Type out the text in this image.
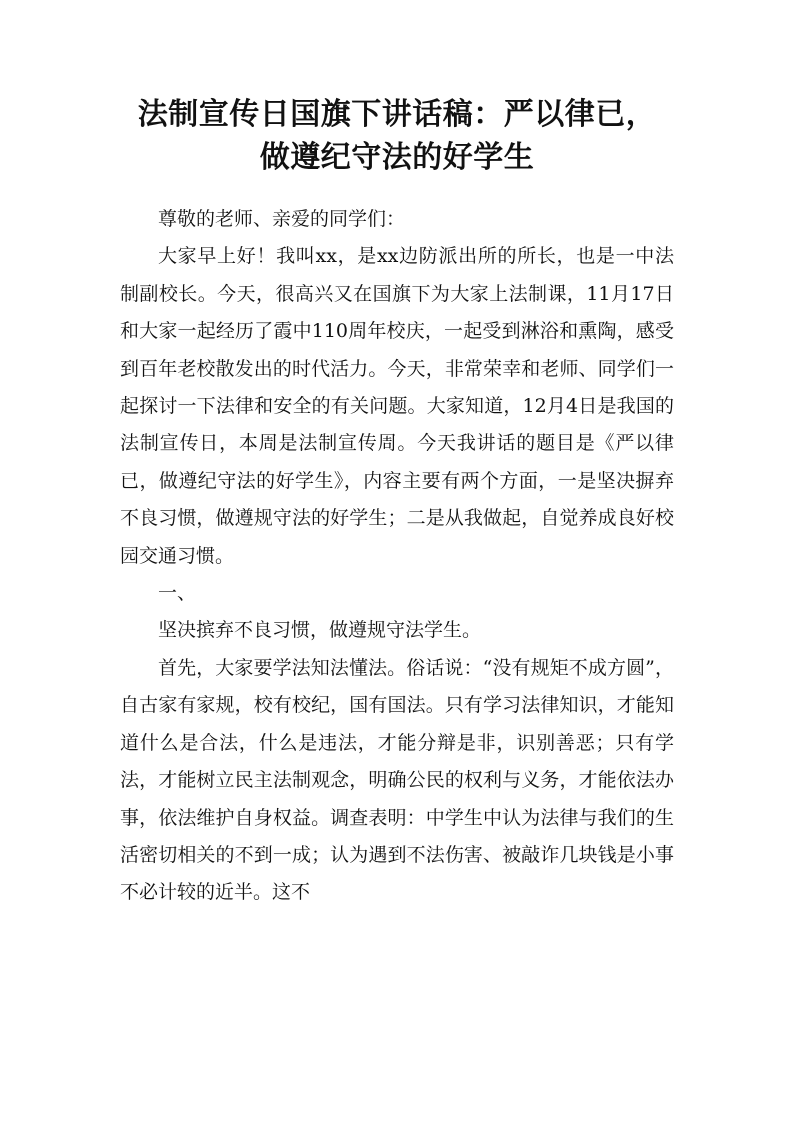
法制宣传日国旗下讲话稿：严以律已，
做遵纪守法的好学生

尊敬的老师、亲爱的同学们：

大家早上好！我叫xx，是xx边防派出所的所长，也是一中法制副校长。今天，很高兴又在国旗下为大家上法制课，11月17日和大家一起经历了霞中110周年校庆，一起受到淋浴和熏陶，感受到百年老校散发出的时代活力。今天，非常荣幸和老师、同学们一起探讨一下法律和安全的有关问题。大家知道，12月4日是我国的法制宣传日，本周是法制宣传周。今天我讲话的题目是《严以律已，做遵纪守法的好学生》，内容主要有两个方面，一是坚决摒弃不良习惯，做遵规守法的好学生；二是从我做起，自觉养成良好校园交通习惯。

一、

坚决摈弃不良习惯，做遵规守法学生。

首先，大家要学法知法懂法。俗话说：“没有规矩不成方圆”，自古家有家规，校有校纪，国有国法。只有学习法律知识，才能知道什么是合法，什么是违法，才能分辩是非，识别善恶；只有学法，才能树立民主法制观念，明确公民的权利与义务，才能依法办事，依法维护自身权益。调查表明：中学生中认为法律与我们的生活密切相关的不到一成；认为遇到不法伤害、被敲诈几块钱是小事不必计较的近半。这不
